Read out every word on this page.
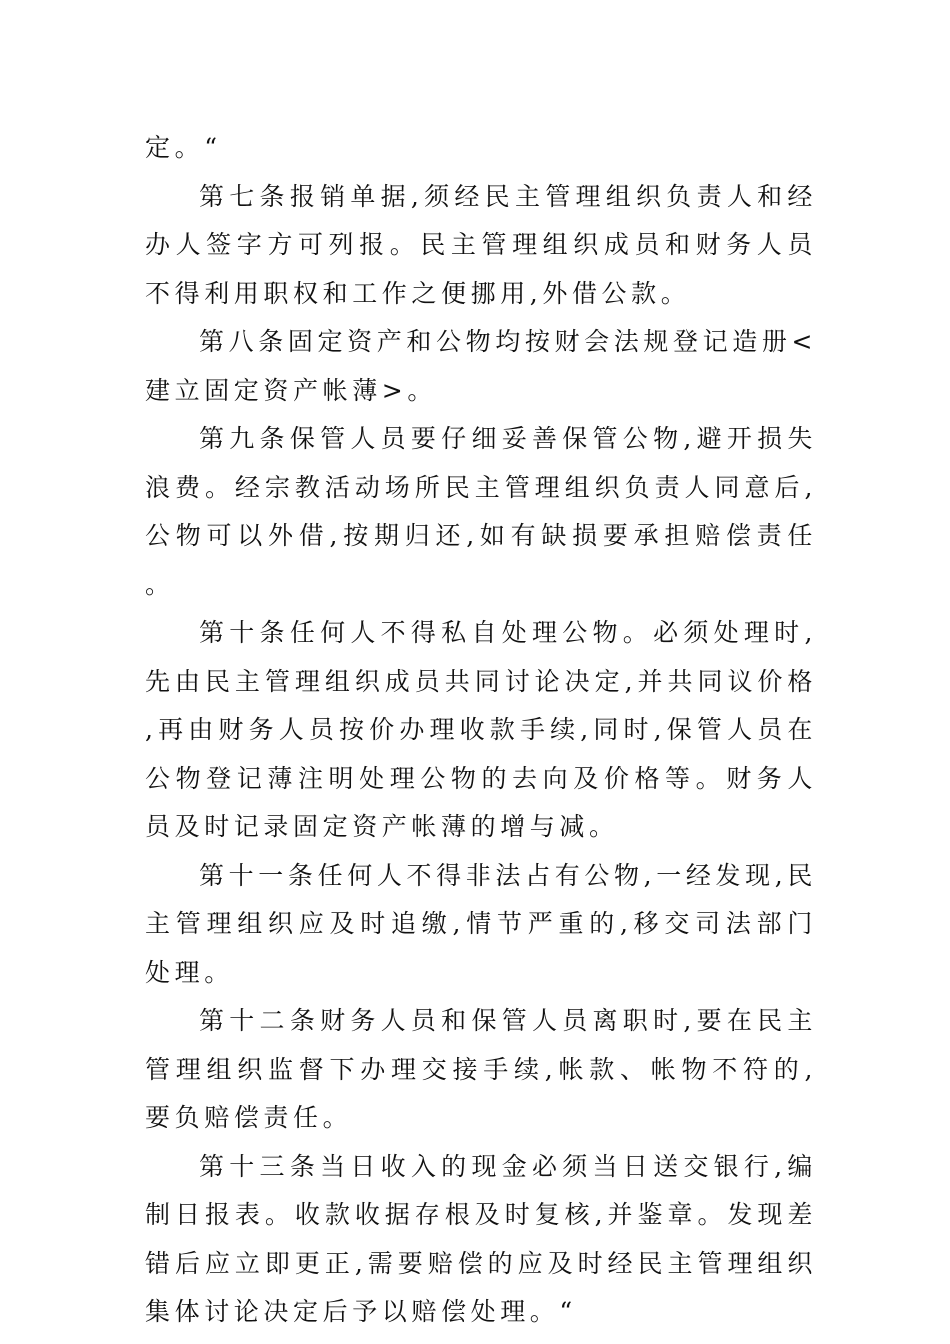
定。“

第七条报销单据,须经民主管理组织负责人和经办人签字方可列报。民主管理组织成员和财务人员不得利用职权和工作之便挪用,外借公款。

第八条固定资产和公物均按财会法规登记造册<建立固定资产帐薄>。

第九条保管人员要仔细妥善保管公物,避开损失浪费。经宗教活动场所民主管理组织负责人同意后,公物可以外借,按期归还,如有缺损要承担赔偿责任。

第十条任何人不得私自处理公物。必须处理时,先由民主管理组织成员共同讨论决定,并共同议价格,再由财务人员按价办理收款手续,同时,保管人员在公物登记薄注明处理公物的去向及价格等。财务人员及时记录固定资产帐薄的增与减。

第十一条任何人不得非法占有公物,一经发现,民主管理组织应及时追缴,情节严重的,移交司法部门处理。

第十二条财务人员和保管人员离职时,要在民主管理组织监督下办理交接手续,帐款、帐物不符的,要负赔偿责任。

第十三条当日收入的现金必须当日送交银行,编制日报表。收款收据存根及时复核,并鉴章。发现差错后应立即更正,需要赔偿的应及时经民主管理组织集体讨论决定后予以赔偿处理。“
